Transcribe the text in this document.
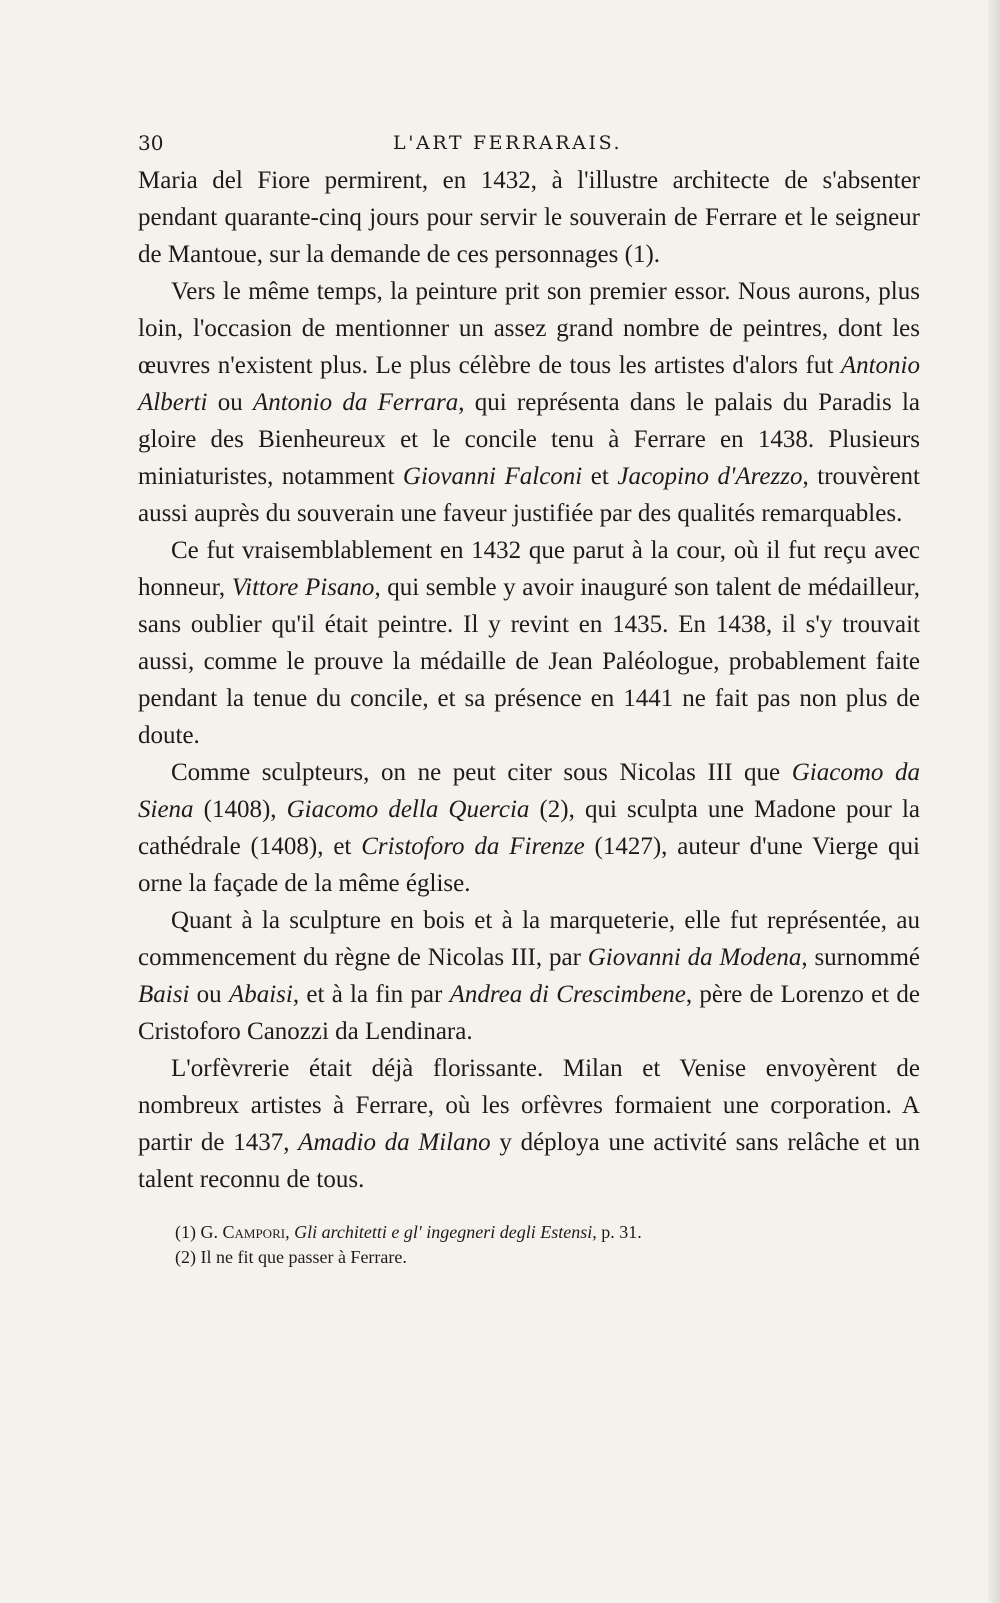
30	L'ART FERRARAIS.

Maria del Fiore permirent, en 1432, à l'illustre architecte de s'absenter pendant quarante-cinq jours pour servir le souverain de Ferrare et le seigneur de Mantoue, sur la demande de ces personnages (1).

Vers le même temps, la peinture prit son premier essor. Nous aurons, plus loin, l'occasion de mentionner un assez grand nombre de peintres, dont les œuvres n'existent plus. Le plus célèbre de tous les artistes d'alors fut Antonio Alberti ou Antonio da Ferrara, qui représenta dans le palais du Paradis la gloire des Bienheureux et le concile tenu à Ferrare en 1438. Plusieurs miniaturistes, notamment Giovanni Falconi et Jacopino d'Arezzo, trouvèrent aussi auprès du souverain une faveur justifiée par des qualités remarquables.

Ce fut vraisemblablement en 1432 que parut à la cour, où il fut reçu avec honneur, Vittore Pisano, qui semble y avoir inauguré son talent de médailleur, sans oublier qu'il était peintre. Il y revint en 1435. En 1438, il s'y trouvait aussi, comme le prouve la médaille de Jean Paléologue, probablement faite pendant la tenue du concile, et sa présence en 1441 ne fait pas non plus de doute.

Comme sculpteurs, on ne peut citer sous Nicolas III que Giacomo da Siena (1408), Giacomo della Quercia (2), qui sculpta une Madone pour la cathédrale (1408), et Cristoforo da Firenze (1427), auteur d'une Vierge qui orne la façade de la même église.

Quant à la sculpture en bois et à la marqueterie, elle fut représentée, au commencement du règne de Nicolas III, par Giovanni da Modena, surnommé Baisi ou Abaisi, et à la fin par Andrea di Crescimbene, père de Lorenzo et de Cristoforo Canozzi da Lendinara.

L'orfèvrerie était déjà florissante. Milan et Venise envoyèrent de nombreux artistes à Ferrare, où les orfèvres formaient une corporation. A partir de 1437, Amadio da Milano y déploya une activité sans relâche et un talent reconnu de tous.

(1) G. Campori, Gli architetti e gl' ingegneri degli Estensi, p. 31.

(2) Il ne fit que passer à Ferrare.
